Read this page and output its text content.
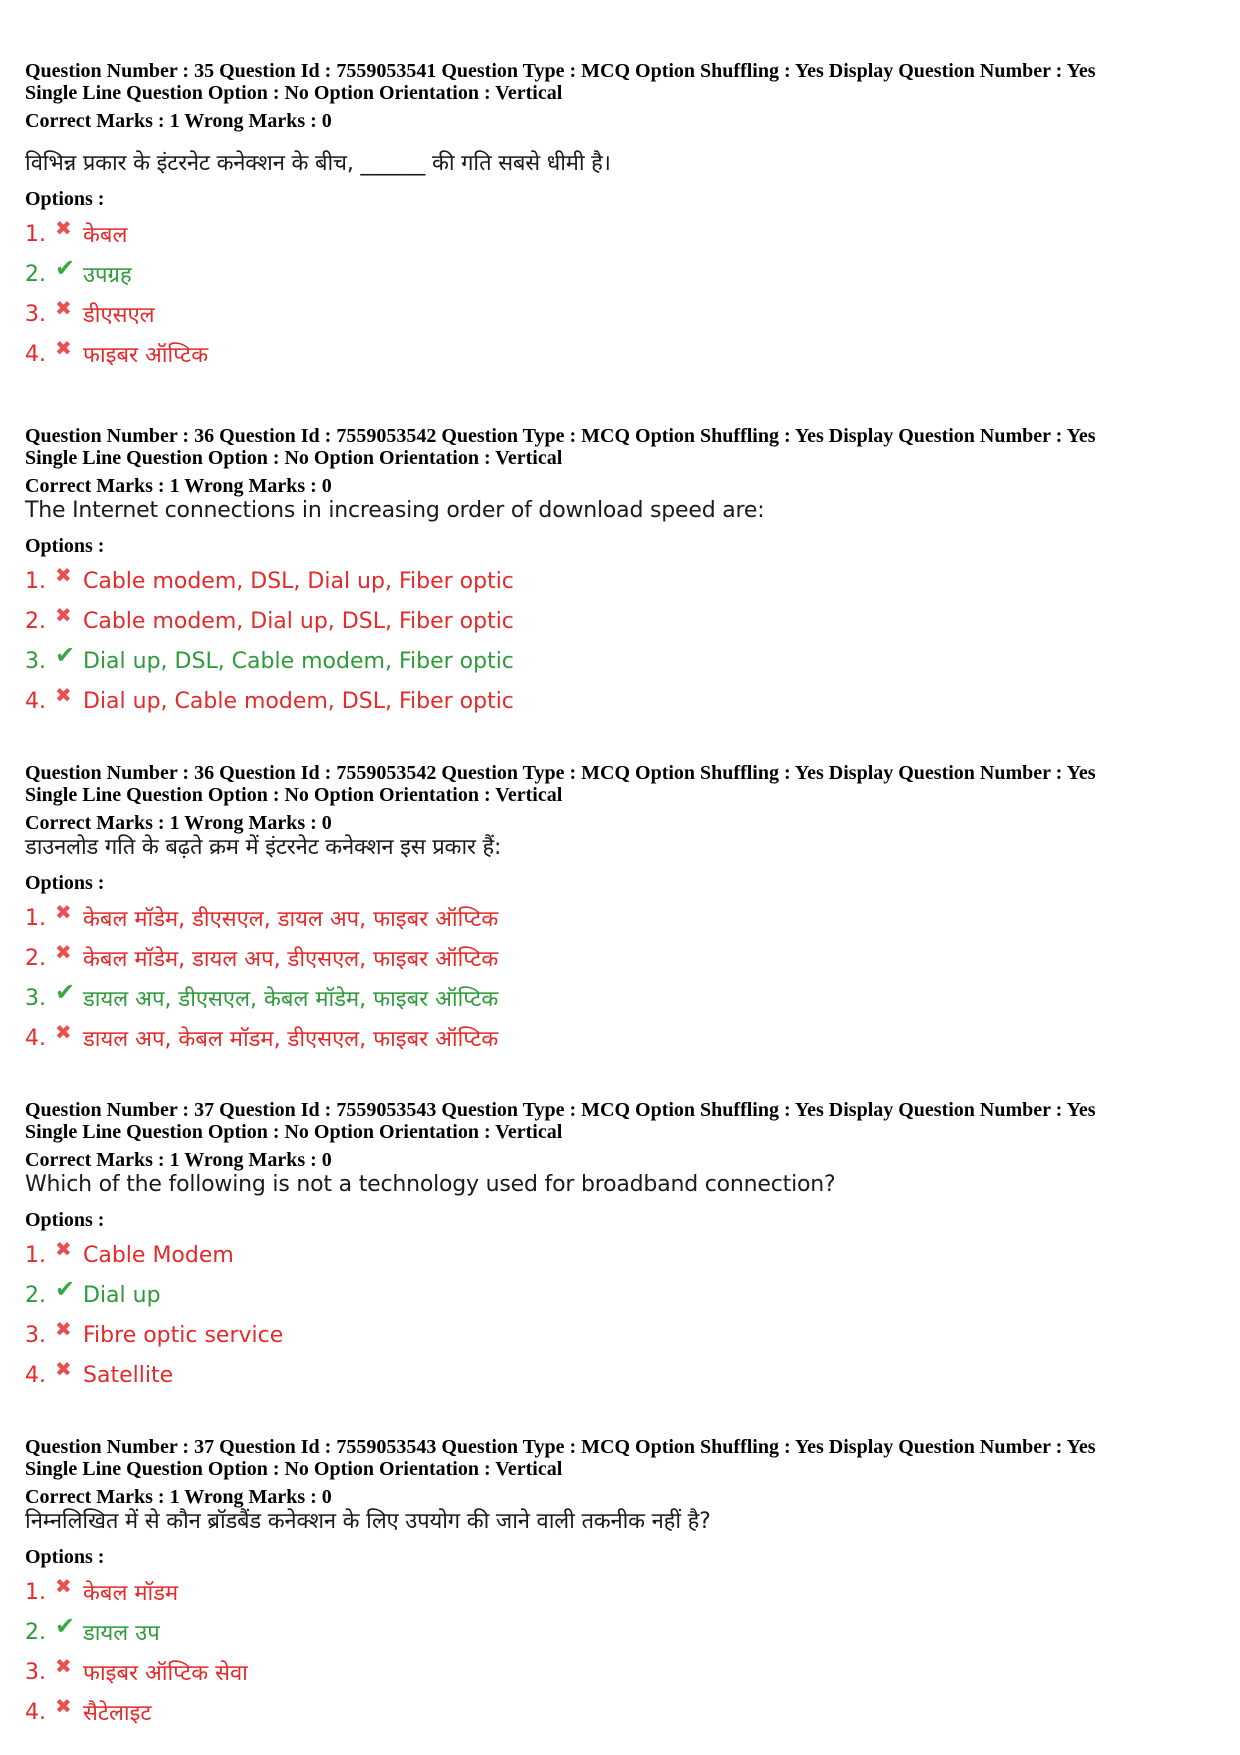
Question Number : 35 Question Id : 7559053541 Question Type : MCQ Option Shuffling : Yes Display Question Number : Yes
Single Line Question Option : No Option Orientation : Vertical
Correct Marks : 1 Wrong Marks : 0
विभिन्न प्रकार के इंटरनेट कनेक्शन के बीच, ______ की गति सबसे धीमी है।
Options :
1. ✖ केबल
2. ✔ उपग्रह
3. ✖ डीएसएल
4. ✖ फाइबर ऑप्टिक
Question Number : 36 Question Id : 7559053542 Question Type : MCQ Option Shuffling : Yes Display Question Number : Yes
Single Line Question Option : No Option Orientation : Vertical
Correct Marks : 1 Wrong Marks : 0
The Internet connections in increasing order of download speed are:
Options :
1. ✖ Cable modem, DSL, Dial up, Fiber optic
2. ✖ Cable modem, Dial up, DSL, Fiber optic
3. ✔ Dial up, DSL, Cable modem, Fiber optic
4. ✖ Dial up, Cable modem, DSL, Fiber optic
Question Number : 36 Question Id : 7559053542 Question Type : MCQ Option Shuffling : Yes Display Question Number : Yes
Single Line Question Option : No Option Orientation : Vertical
Correct Marks : 1 Wrong Marks : 0
डाउनलोड गति के बढ़ते क्रम में इंटरनेट कनेक्शन इस प्रकार हैं:
Options :
1. ✖ केबल मॉडेम, डीएसएल, डायल अप, फाइबर ऑप्टिक
2. ✖ केबल मॉडेम, डायल अप, डीएसएल, फाइबर ऑप्टिक
3. ✔ डायल अप, डीएसएल, केबल मॉडेम, फाइबर ऑप्टिक
4. ✖ डायल अप, केबल मॉडम, डीएसएल, फाइबर ऑप्टिक
Question Number : 37 Question Id : 7559053543 Question Type : MCQ Option Shuffling : Yes Display Question Number : Yes
Single Line Question Option : No Option Orientation : Vertical
Correct Marks : 1 Wrong Marks : 0
Which of the following is not a technology used for broadband connection?
Options :
1. ✖ Cable Modem
2. ✔ Dial up
3. ✖ Fibre optic service
4. ✖ Satellite
Question Number : 37 Question Id : 7559053543 Question Type : MCQ Option Shuffling : Yes Display Question Number : Yes
Single Line Question Option : No Option Orientation : Vertical
Correct Marks : 1 Wrong Marks : 0
निम्नलिखित में से कौन ब्रॉडबैंड कनेक्शन के लिए उपयोग की जाने वाली तकनीक नहीं है?
Options :
1. ✖ केबल मॉडम
2. ✔ डायल उप
3. ✖ फाइबर ऑप्टिक सेवा
4. ✖ सैटेलाइट
